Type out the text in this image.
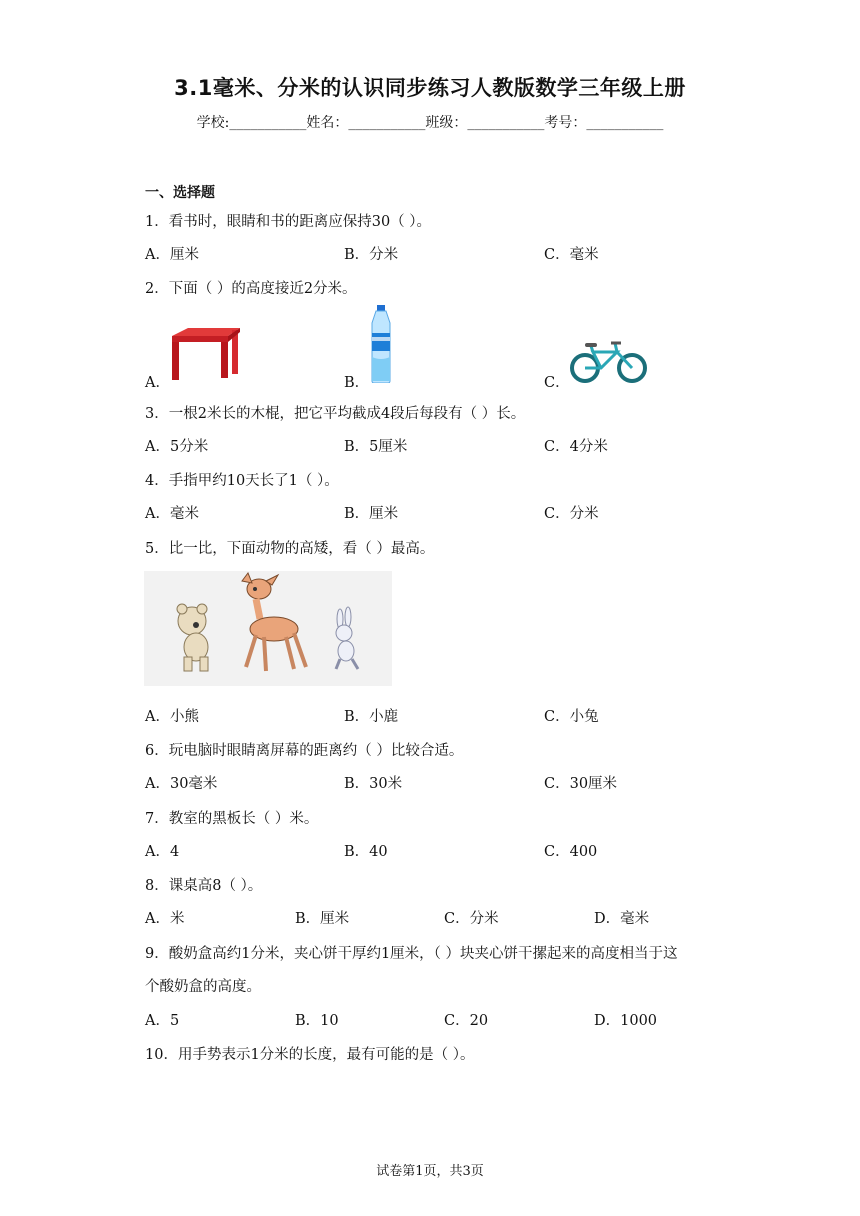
3.1毫米、分米的认识同步练习人教版数学三年级上册
学校:___________姓名：___________班级：___________考号：___________
一、选择题
1．看书时，眼睛和书的距离应保持30（ ）。
A．厘米	B．分米	C．毫米
2．下面（ ）的高度接近2分米。
A．	B．	C．
3．一根2米长的木棍，把它平均截成4段后每段有（ ）长。
A．5分米	B．5厘米	C．4分米
4．手指甲约10天长了1（ ）。
A．毫米	B．厘米	C．分米
5．比一比，下面动物的高矮，看（ ）最高。
A．小熊	B．小鹿	C．小兔
6．玩电脑时眼睛离屏幕的距离约（ ）比较合适。
A．30毫米	B．30米	C．30厘米
7．教室的黑板长（ ）米。
A．4	B．40	C．400
8．课桌高8（ ）。
A．米	B．厘米	C．分米	D．毫米
9．酸奶盒高约1分米，夹心饼干厚约1厘米，（ ）块夹心饼干摞起来的高度相当于这
个酸奶盒的高度。
A．5	B．10	C．20	D．1000
10．用手势表示1分米的长度，最有可能的是（ ）。
试卷第1页，共3页
